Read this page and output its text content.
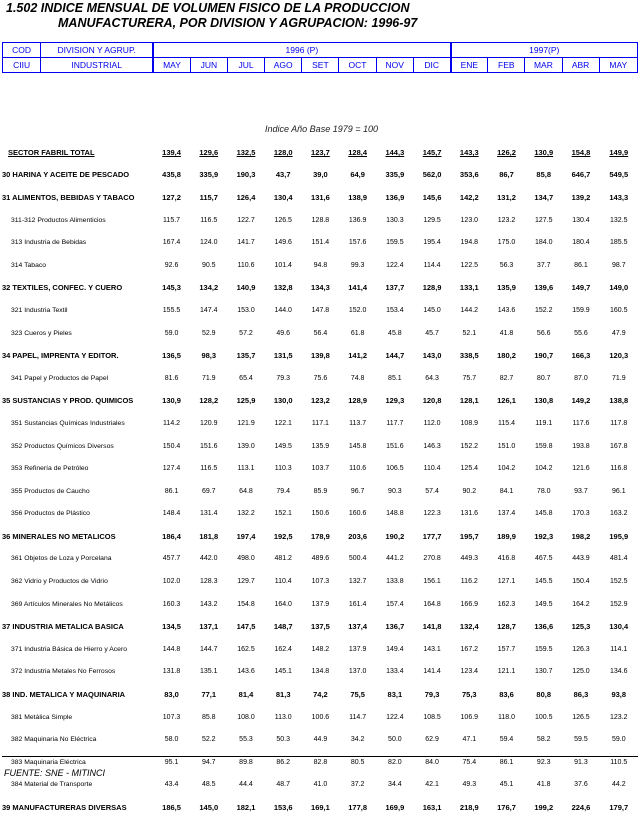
1.502 INDICE MENSUAL DE VOLUMEN FISICO DE LA PRODUCCION
MANUFACTURERA, POR DIVISION Y AGRUPACION: 1996-97
COD	DIVISION Y AGRUP.	1996 (P)								1997(P)				
CIIU	INDUSTRIAL	MAY	JUN	JUL	AGO	SET	OCT	NOV	DIC	ENE	FEB	MAR	ABR	MAY
Indice Año Base 1979 = 100
SECTOR FABRIL TOTAL	139,4	129,6	132,5	128,0	123,7	128,4	144,3	145,7	143,3	126,2	130,9	154,8	149,9
30 HARINA Y ACEITE DE PESCADO	435,8	335,9	190,3	43,7	39,0	64,9	335,9	562,0	353,6	86,7	85,8	646,7	549,5
31 ALIMENTOS, BEBIDAS Y TABACO	127,2	115,7	126,4	130,4	131,6	138,9	136,9	145,6	142,2	131,2	134,7	139,2	143,3
311-312 Productos Alimenticios	115.7	116.5	122.7	126.5	128.8	136.9	130.3	129.5	123.0	123.2	127.5	130.4	132.5
313 Industria de Bebidas	167.4	124.0	141.7	149.6	151.4	157.6	159.5	195.4	194.8	175.0	184.0	180.4	185.5
314 Tabaco	92.6	90.5	110.6	101.4	94.8	99.3	122.4	114.4	122.5	56.3	37.7	86.1	98.7
32 TEXTILES, CONFEC. Y CUERO	145,3	134,2	140,9	132,8	134,3	141,4	137,7	128,9	133,1	135,9	139,6	149,7	149,0
321 Industria Textil	155.5	147.4	153.0	144.0	147.8	152.0	153.4	145.0	144.2	143.6	152.2	159.9	160.5
323 Cueros y Pieles	59.0	52.9	57.2	49.6	56.4	61.8	45.8	45.7	52.1	41.8	56.6	55.6	47.9
34 PAPEL, IMPRENTA Y EDITOR.	136,5	98,3	135,7	131,5	139,8	141,2	144,7	143,0	338,5	180,2	190,7	166,3	120,3
341 Papel y Productos de Papel	81.6	71.9	65.4	79.3	75.6	74.8	85.1	64.3	75.7	82.7	80.7	87.0	71.9
35 SUSTANCIAS Y PROD. QUIMICOS	130,9	128,2	125,9	130,0	123,2	128,9	129,3	120,8	128,1	126,1	130,8	149,2	138,8
351 Sustancias Químicas Industriales	114.2	120.9	121.9	122.1	117.1	113.7	117.7	112.0	108.9	115.4	119.1	117.6	117.8
352 Productos Químicos Diversos	150.4	151.6	139.0	149.5	135.9	145.8	151.6	146.3	152.2	151.0	159.8	193.8	167.8
353 Refinería de Petróleo	127.4	116.5	113.1	110.3	103.7	110.6	106.5	110.4	125.4	104.2	104.2	121.6	116.8
355 Productos de Caucho	86.1	69.7	64.8	79.4	85.9	96.7	90.3	57.4	90.2	84.1	78.0	93.7	96.1
356 Productos de Plástico	148.4	131.4	132.2	152.1	150.6	160.6	148.8	122.3	131.6	137.4	145.8	170.3	163.2
36 MINERALES NO METALICOS	186,4	181,8	197,4	192,5	178,9	203,6	190,2	177,7	195,7	189,9	192,3	198,2	195,9
361 Objetos de Loza y Porcelana	457.7	442.0	498.0	481.2	489.6	500.4	441.2	270.8	449.3	416.8	467.5	443.9	481.4
362 Vidrio y Productos de Vidrio	102.0	128.3	129.7	110.4	107.3	132.7	133.8	156.1	116.2	127.1	145.5	150.4	152.5
369 Artículos Minerales No Metálicos	160.3	143.2	154.8	164.0	137.9	161.4	157.4	164.8	166.9	162.3	149.5	164.2	152.9
37 INDUSTRIA METALICA BASICA	134,5	137,1	147,5	148,7	137,5	137,4	136,7	141,8	132,4	128,7	136,6	125,3	130,4
371 Industria Básica de Hierro y Acero	144.8	144.7	162.5	162.4	148.2	137.9	149.4	143.1	167.2	157.7	159.5	126.3	114.1
372 Industria Metales No Ferrosos	131.8	135.1	143.6	145.1	134.8	137.0	133.4	141.4	123.4	121.1	130.7	125.0	134.6
38 IND. METALICA Y MAQUINARIA	83,0	77,1	81,4	81,3	74,2	75,5	83,1	79,3	75,3	83,6	80,8	86,3	93,8
381 Metálica Simple	107.3	85.8	108.0	113.0	100.6	114.7	122.4	108.5	106.9	118.0	100.5	126.5	123.2
382 Maquinaria No Eléctrica	58.0	52.2	55.3	50.3	44.9	34.2	50.0	62.9	47.1	59.4	58.2	59.5	59.0
383 Maquinaria Eléctrica	95.1	94.7	89.8	86.2	82.8	80.5	82.0	84.0	75.4	86.1	92.3	91.3	110.5
384 Material de Transporte	43.4	48.5	44.4	48.7	41.0	37.2	34.4	42.1	49.3	45.1	41.8	37.6	44.2
39 MANUFACTURERAS DIVERSAS	186,5	145,0	182,1	153,6	169,1	177,8	169,9	163,1	218,9	176,7	199,2	224,6	179,7
FUENTE: SNE - MITINCI
